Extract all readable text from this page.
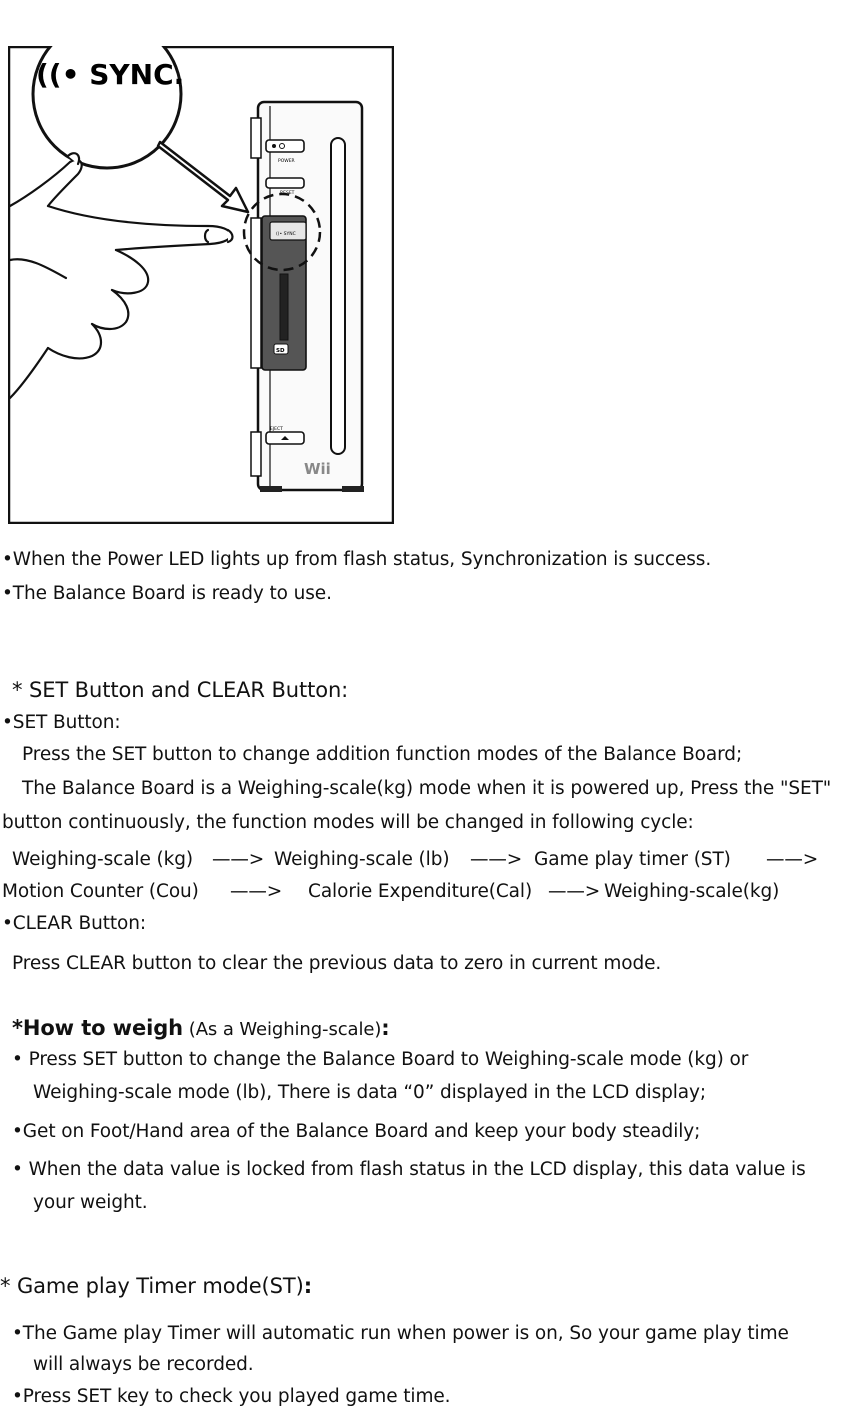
POWER
RESET
((• SYNC
SD
EJECT
Wii
((• SYNC.
•When the Power LED lights up from flash status, Synchronization is success.
•The Balance Board is ready to use.
* SET Button and CLEAR Button:
•SET Button:
Press the SET button to change addition function modes of the Balance Board;
The Balance Board is a Weighing-scale(kg) mode when it is powered up, Press the "SET"
button continuously, the function modes will be changed in following cycle:
Weighing-scale (kg) ——> Weighing-scale (lb) ——> Game play timer (ST) ——>
Motion Counter (Cou) ——> Calorie Expenditure(Cal) ——> Weighing-scale(kg)
•CLEAR Button:
Press CLEAR button to clear the previous data to zero in current mode.
*How to weigh (As a Weighing-scale):
• Press SET button to change the Balance Board to Weighing-scale mode (kg) or
Weighing-scale mode (lb), There is data “0” displayed in the LCD display;
•Get on Foot/Hand area of the Balance Board and keep your body steadily;
• When the data value is locked from flash status in the LCD display, this data value is
your weight.
* Game play Timer mode(ST):
•The Game play Timer will automatic run when power is on, So your game play time
will always be recorded.
•Press SET key to check you played game time.
